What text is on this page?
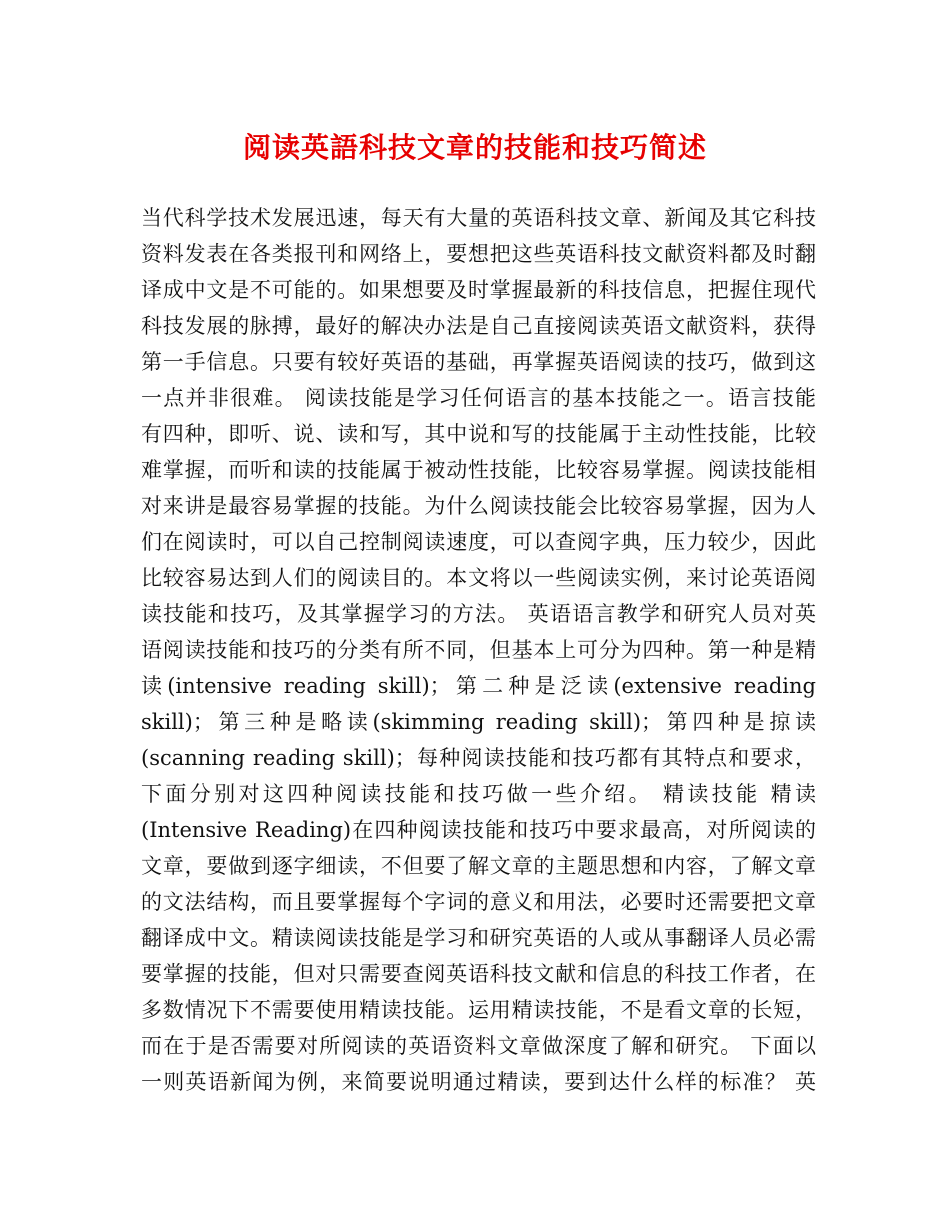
阅读英語科技文章的技能和技巧简述
当代科学技术发展迅速，每天有大量的英语科技文章、新闻及其它科技
资料发表在各类报刊和网络上，要想把这些英语科技文献资料都及时翻
译成中文是不可能的。如果想要及时掌握最新的科技信息，把握住现代
科技发展的脉搏，最好的解决办法是自己直接阅读英语文献资料，获得
第一手信息。只要有较好英语的基础，再掌握英语阅读的技巧，做到这
一点并非很难。 阅读技能是学习任何语言的基本技能之一。语言技能
有四种，即听、说、读和写，其中说和写的技能属于主动性技能，比较
难掌握，而听和读的技能属于被动性技能，比较容易掌握。阅读技能相
对来讲是最容易掌握的技能。为什么阅读技能会比较容易掌握，因为人
们在阅读时，可以自己控制阅读速度，可以查阅字典，压力较少，因此
比较容易达到人们的阅读目的。本文将以一些阅读实例，来讨论英语阅
读技能和技巧，及其掌握学习的方法。 英语语言教学和研究人员对英
语阅读技能和技巧的分类有所不同，但基本上可分为四种。第一种是精
读(intensive reading skill)；第二种是泛读(extensive reading
skill)；第三种是略读(skimming reading skill)；第四种是掠读
(scanning reading skill)；每种阅读技能和技巧都有其特点和要求，
下面分别对这四种阅读技能和技巧做一些介绍。 精读技能 精读
(Intensive Reading)在四种阅读技能和技巧中要求最高，对所阅读的
文章，要做到逐字细读，不但要了解文章的主题思想和内容，了解文章
的文法结构，而且要掌握每个字词的意义和用法，必要时还需要把文章
翻译成中文。精读阅读技能是学习和研究英语的人或从事翻译人员必需
要掌握的技能，但对只需要查阅英语科技文献和信息的科技工作者，在
多数情况下不需要使用精读技能。运用精读技能，不是看文章的长短，
而在于是否需要对所阅读的英语资料文章做深度了解和研究。 下面以
一则英语新闻为例，来简要说明通过精读，要到达什么样的标准？ 英
